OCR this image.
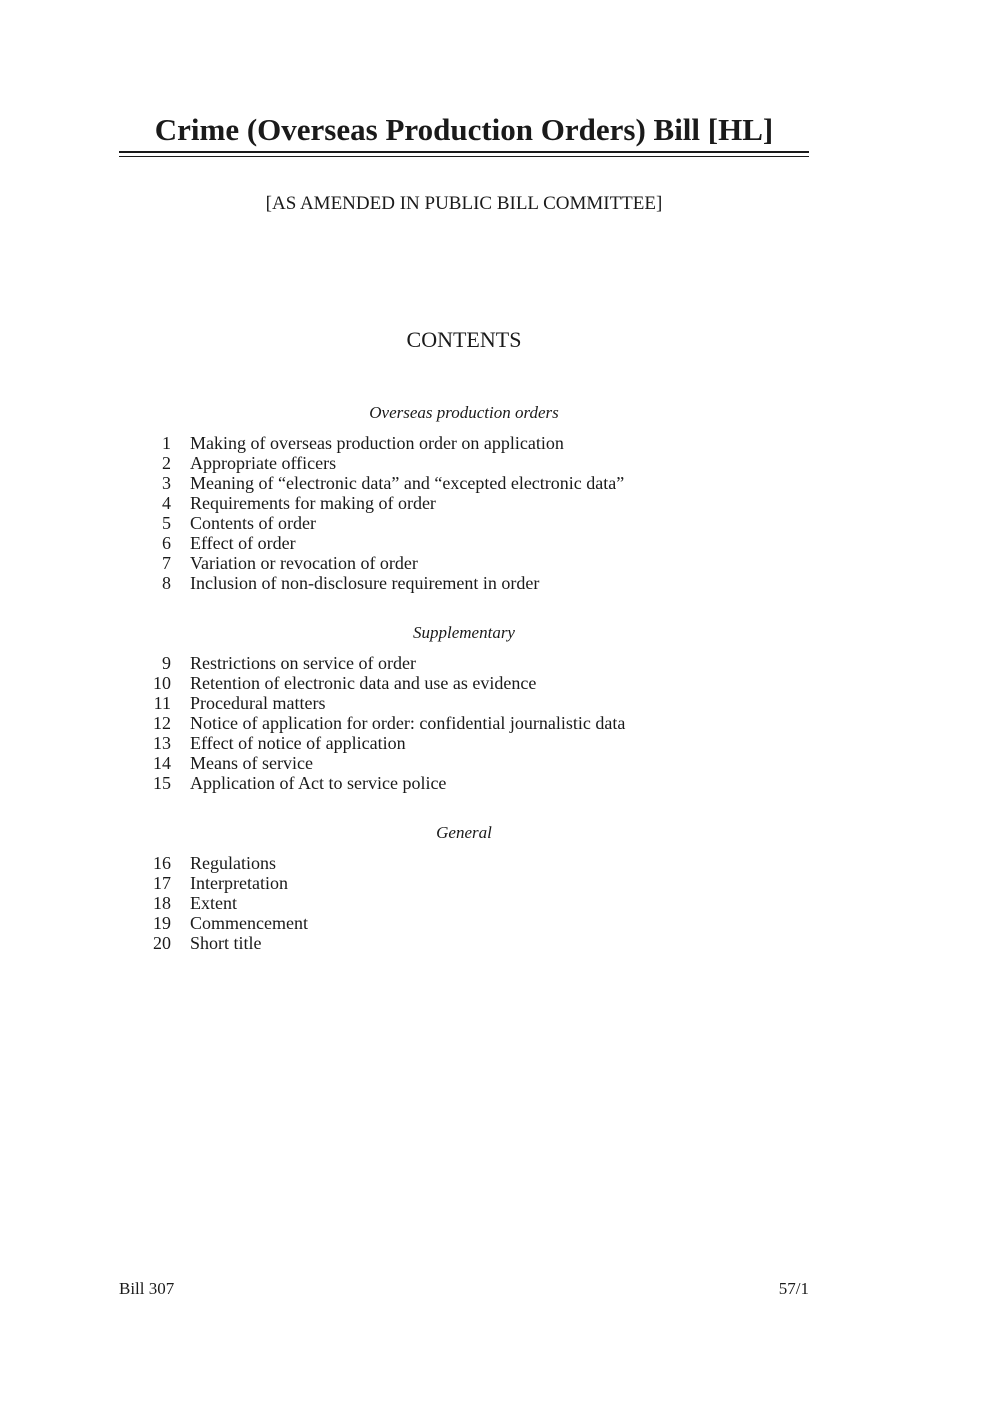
Crime (Overseas Production Orders) Bill [HL]
[AS AMENDED IN PUBLIC BILL COMMITTEE]
CONTENTS
Overseas production orders
1 Making of overseas production order on application
2 Appropriate officers
3 Meaning of “electronic data” and “excepted electronic data”
4 Requirements for making of order
5 Contents of order
6 Effect of order
7 Variation or revocation of order
8 Inclusion of non-disclosure requirement in order
Supplementary
9 Restrictions on service of order
10 Retention of electronic data and use as evidence
11 Procedural matters
12 Notice of application for order: confidential journalistic data
13 Effect of notice of application
14 Means of service
15 Application of Act to service police
General
16 Regulations
17 Interpretation
18 Extent
19 Commencement
20 Short title
Bill 307	57/1
